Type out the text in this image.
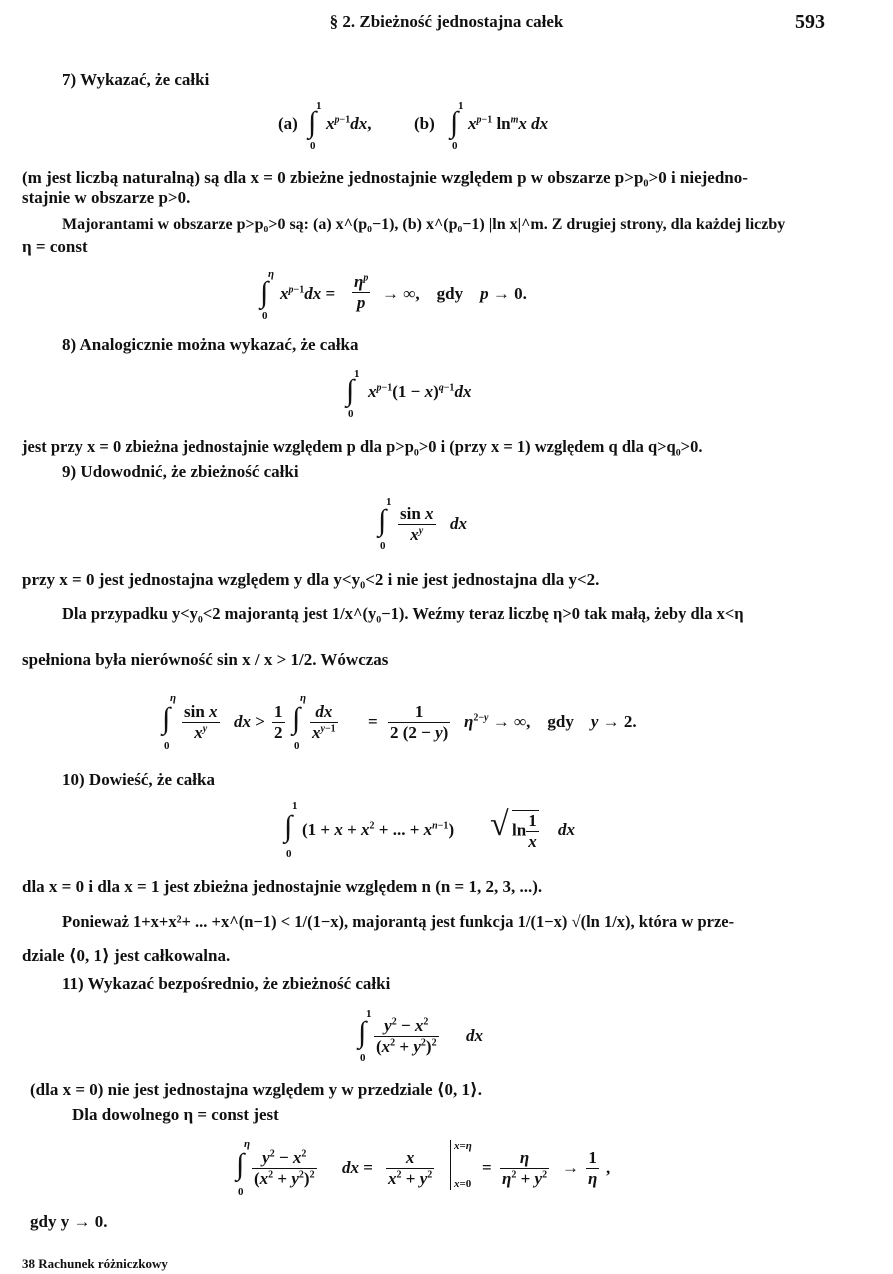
§ 2. Zbieżność jednostajna całek	593
7) Wykazać, że całki
(a) ∫ 1
0
$x^{p-1}dx$,	(b) ∫ 1
0
$x^{p-1}$ $\ln^mx$ dx
(m jest liczbą naturalną) są dla x = 0 zbieżne jednostajnie względem p w obszarze p>p₀>0 i niejedno-
stajnie w obszarze p>0.
Majorantami w obszarze p>p₀>0 są: (a) x^(p₀−1), (b) x^(p₀−1) |ln x|^m. Z drugiej strony, dla każdej liczby
η = const
∫
η
0
$x^{p-1}dx$ =
$\eta^p$
p → ∞,    gdy    p → 0.
8) Analogicznie można wykazać, że całka
∫ 1
0
$x^{p-1}(1 - x)^{q-1}dx$
jest przy x = 0 zbieżna jednostajnie względem p dla p>p₀>0 i (przy x = 1) względem q dla q>q₀>0.
9) Udowodnić, że zbieżność całki
∫
1
0
sin x
$x^y$	dx
przy x = 0 jest jednostajna względem y dla y<y₀<2 i nie jest jednostajna dla y<2.
Dla przypadku y<y₀<2 majorantą jest 1/x^(y₀−1). Weźmy teraz liczbę η>0 tak małą, żeby dla x<η
spełniona była nierówność sin x / x > 1/2. Wówczas
∫
η
0
sin x
$x^y$	dx >
1
2 ∫
η
0
dx
$x^{y-1}$ =
1
2 (2 − y)
$\eta^{2-y}$ → ∞,    gdy    y → 2.
10) Dowieść, że całka
∫
1
0
($1 + x + x^2$ + ... + $x^{n-1}$) √ $\ln \frac{1}{x}$ dx
dla x = 0 i dla x = 1 jest zbieżna jednostajnie względem n (n = 1, 2, 3, ...).
Ponieważ 1+x+x²+ ... +x^(n−1) < 1/(1−x), majorantą jest funkcja 1/(1−x) √(ln 1/x), która w prze-
dziale ⟨0, 1⟩ jest całkowalna.
11) Wykazać bezpośrednio, że zbieżność całki
∫
1
0
$y^2 - x^2$
$(x^2 + y^2)^2$ dx
(dla x = 0) nie jest jednostajna względem y w przedziale ⟨0, 1⟩.
Dla dowolnego η = const jest
∫
η
0
$y^2 - x^2$
$(x^2 + y^2)^2$ dx =
x
$x^2 + y^2$
x=η
x=0
=
η
$\eta^2 + y^2$ →
1
η
,
gdy y → 0.
38 Rachunek różniczkowy
